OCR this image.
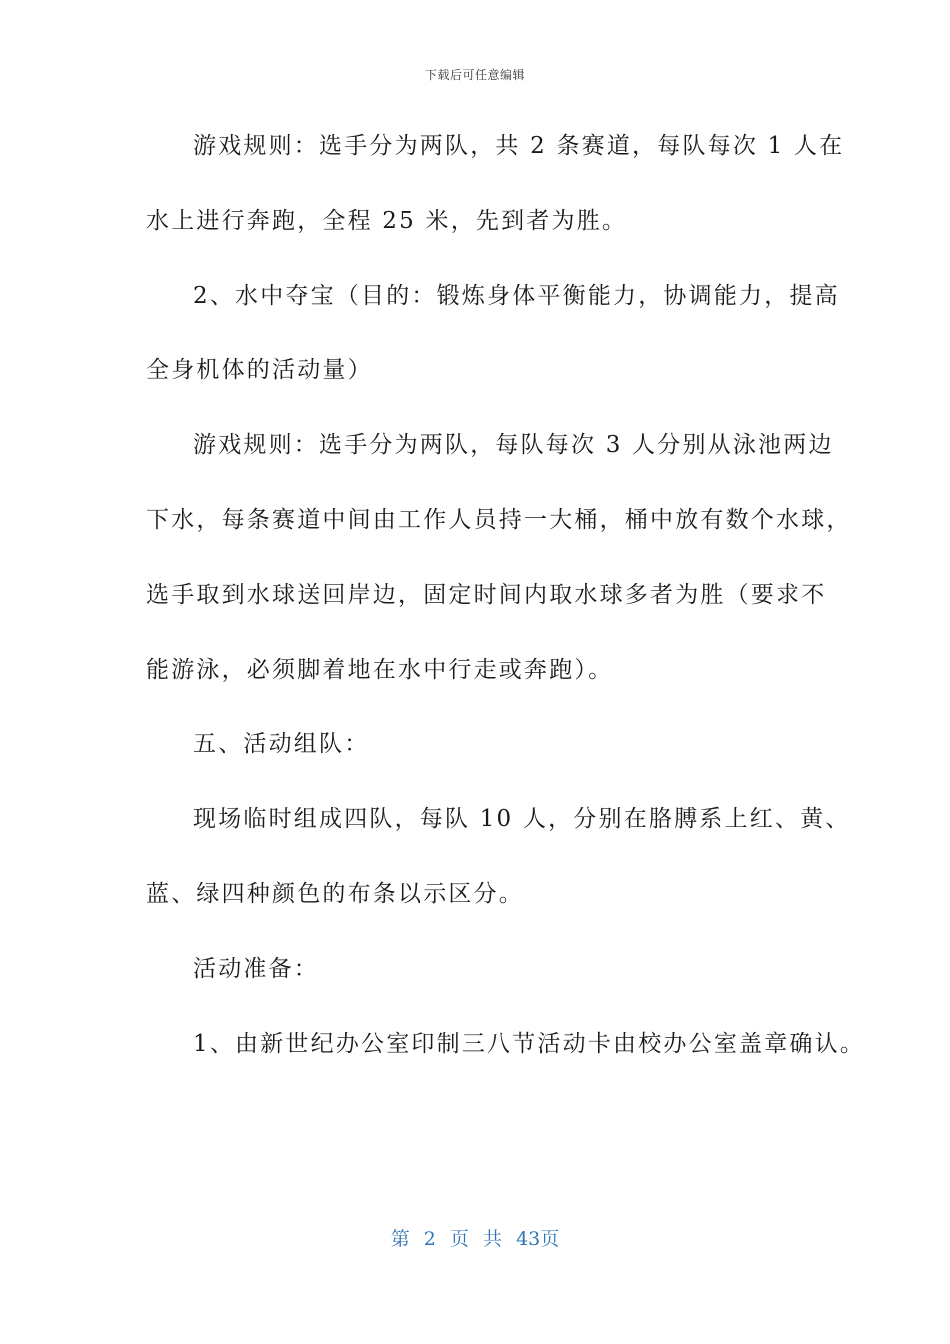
下载后可任意编辑
游戏规则：选手分为两队，共 2 条赛道，每队每次 1 人在
水上进行奔跑，全程 25 米，先到者为胜。
2、水中夺宝（目的：锻炼身体平衡能力，协调能力，提高
全身机体的活动量）
游戏规则：选手分为两队，每队每次 3 人分别从泳池两边
下水，每条赛道中间由工作人员持一大桶，桶中放有数个水球，
选手取到水球送回岸边，固定时间内取水球多者为胜（要求不
能游泳，必须脚着地在水中行走或奔跑）。
五、活动组队：
现场临时组成四队，每队 10 人，分别在胳膊系上红、黄、
蓝、绿四种颜色的布条以示区分。
活动准备：
1、由新世纪办公室印制三八节活动卡由校办公室盖章确认。
第 2 页 共 43页
